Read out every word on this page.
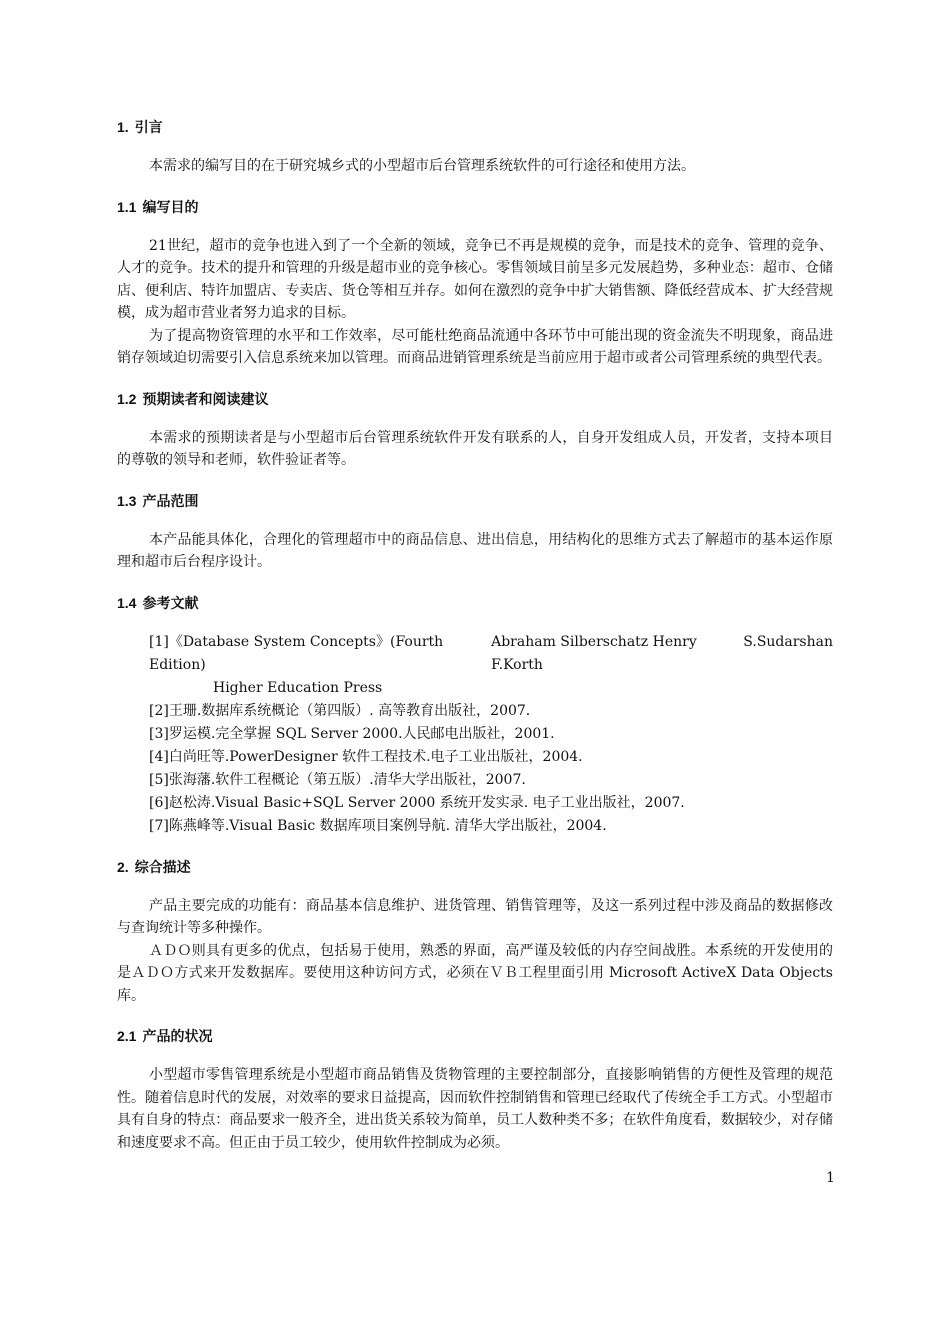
1. 引言

本需求的编写目的在于研究城乡式的小型超市后台管理系统软件的可行途径和使用方法。

1.1 编写目的

21世纪，超市的竞争也进入到了一个全新的领域，竞争已不再是规模的竞争，而是技术的竞争、管理的竞争、人才的竞争。技术的提升和管理的升级是超市业的竞争核心。零售领域目前呈多元发展趋势，多种业态：超市、仓储店、便利店、特许加盟店、专卖店、货仓等相互并存。如何在激烈的竞争中扩大销售额、降低经营成本、扩大经营规模，成为超市营业者努力追求的目标。

为了提高物资管理的水平和工作效率，尽可能杜绝商品流通中各环节中可能出现的资金流失不明现象，商品进销存领域迫切需要引入信息系统来加以管理。而商品进销管理系统是当前应用于超市或者公司管理系统的典型代表。

1.2 预期读者和阅读建议

本需求的预期读者是与小型超市后台管理系统软件开发有联系的人，自身开发组成人员，开发者，支持本项目的尊敬的领导和老师，软件验证者等。

1.3 产品范围

本产品能具体化，合理化的管理超市中的商品信息、进出信息，用结构化的思维方式去了解超市的基本运作原理和超市后台程序设计。

1.4 参考文献
[1]《Database System Concepts》(Fourth Edition)
Abraham Silberschatz Henry F.Korth
S.Sudarshan
Higher Education Press
[2]王珊.数据库系统概论（第四版）. 高等教育出版社，2007.
[3]罗运模.完全掌握 SQL Server 2000.人民邮电出版社，2001.
[4]白尚旺等.PowerDesigner 软件工程技术.电子工业出版社，2004.
[5]张海藩.软件工程概论（第五版）.清华大学出版社，2007.
[6]赵松涛.Visual Basic+SQL Server 2000 系统开发实录. 电子工业出版社，2007.
[7]陈燕峰等.Visual Basic 数据库项目案例导航. 清华大学出版社，2004.
2. 综合描述

产品主要完成的功能有：商品基本信息维护、进货管理、销售管理等，及这一系列过程中涉及商品的数据修改与查询统计等多种操作。

ＡＤＯ则具有更多的优点，包括易于使用，熟悉的界面，高严谨及较低的内存空间战胜。本系统的开发使用的是ＡＤＯ方式来开发数据库。要使用这种访问方式，必须在ＶＢ工程里面引用 Microsoft ActiveX Data Objects 库。

2.1 产品的状况

小型超市零售管理系统是小型超市商品销售及货物管理的主要控制部分，直接影响销售的方便性及管理的规范性。随着信息时代的发展，对效率的要求日益提高，因而软件控制销售和管理已经取代了传统全手工方式。小型超市具有自身的特点：商品要求一般齐全，进出货关系较为简单，员工人数种类不多；在软件角度看，数据较少，对存储和速度要求不高。但正由于员工较少，使用软件控制成为必须。

1
